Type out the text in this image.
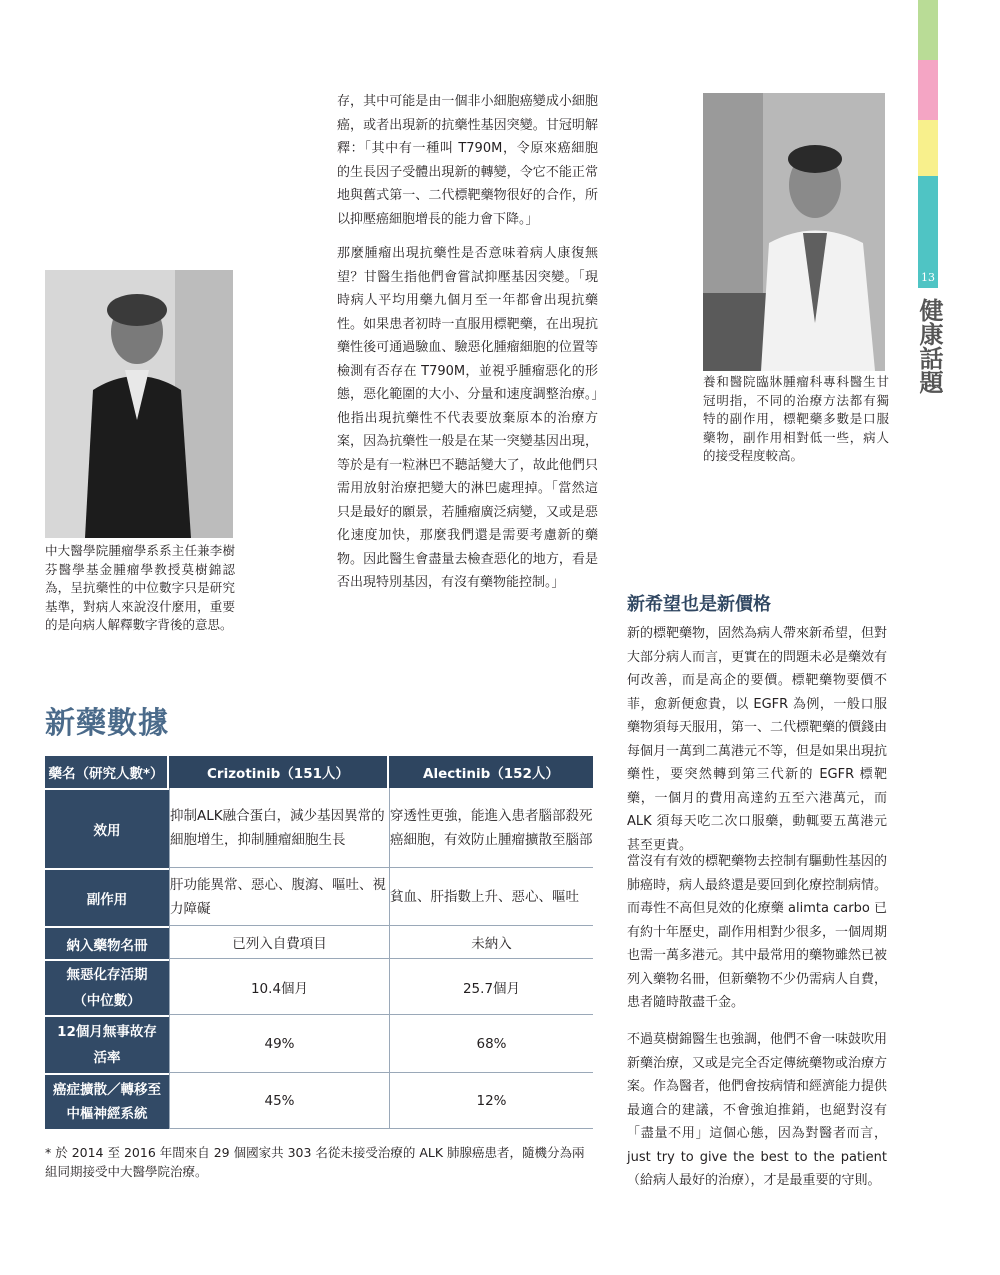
13
健康話題
存，其中可能是由一個非小細胞癌變成小細胞癌，或者出現新的抗藥性基因突變。甘冠明解釋：「其中有一種叫 T790M，令原來癌細胞的生長因子受體出現新的轉變，令它不能正常地與舊式第一、二代標靶藥物很好的合作，所以抑壓癌細胞增長的能力會下降。」
那麼腫瘤出現抗藥性是否意味着病人康復無望？甘醫生指他們會嘗試抑壓基因突變。「現時病人平均用藥九個月至一年都會出現抗藥性。如果患者初時一直服用標靶藥，在出現抗藥性後可通過驗血、驗惡化腫瘤細胞的位置等檢測有否存在 T790M，並視乎腫瘤惡化的形態，惡化範圍的大小、分量和速度調整治療。」他指出現抗藥性不代表要放棄原本的治療方案，因為抗藥性一般是在某一突變基因出現，等於是有一粒淋巴不聽話變大了，故此他們只需用放射治療把變大的淋巴處理掉。「當然這只是最好的願景，若腫瘤廣泛病變，又或是惡化速度加快，那麼我們還是需要考慮新的藥物。因此醫生會盡量去檢查惡化的地方，看是否出現特別基因，有沒有藥物能控制。」
中大醫學院腫瘤學系系主任兼李樹芬醫學基金腫瘤學教授莫樹錦認為，呈抗藥性的中位數字只是研究基準，對病人來說沒什麼用，重要的是向病人解釋數字背後的意思。
養和醫院臨牀腫瘤科專科醫生甘冠明指，不同的治療方法都有獨特的副作用，標靶藥多數是口服藥物，副作用相對低一些，病人的接受程度較高。
新希望也是新價格
新的標靶藥物，固然為病人帶來新希望，但對大部分病人而言，更實在的問題未必是藥效有何改善，而是高企的要價。標靶藥物要價不菲，愈新便愈貴，以 EGFR 為例，一般口服藥物須每天服用，第一、二代標靶藥的價錢由每個月一萬到二萬港元不等，但是如果出現抗藥性，要突然轉到第三代新的 EGFR 標靶藥，一個月的費用高達約五至六港萬元，而 ALK 須每天吃二次口服藥，動輒要五萬港元甚至更貴。
當沒有有效的標靶藥物去控制有驅動性基因的肺癌時，病人最終還是要回到化療控制病情。而毒性不高但見效的化療藥 alimta carbo 已有約十年歷史，副作用相對少很多，一個周期也需一萬多港元。其中最常用的藥物雖然已被列入藥物名冊，但新藥物不少仍需病人自費，患者隨時散盡千金。
不過莫樹錦醫生也強調，他們不會一味鼓吹用新藥治療，又或是完全否定傳統藥物或治療方案。作為醫者，他們會按病情和經濟能力提供最適合的建議，不會強迫推銷，也絕對沒有「盡量不用」這個心態，因為對醫者而言，just try to give the best to the patient（給病人最好的治療），才是最重要的守則。
新藥數據
藥名（研究人數*）	Crizotinib（151人）	Alectinib（152人）
效用	抑制ALK融合蛋白，減少基因異常的細胞增生，抑制腫瘤細胞生長	穿透性更強，能進入患者腦部殺死癌細胞，有效防止腫瘤擴散至腦部
副作用	肝功能異常、惡心、腹瀉、嘔吐、視力障礙	貧血、肝指數上升、惡心、嘔吐
納入藥物名冊	已列入自費項目	未納入
無惡化存活期（中位數）	10.4個月	25.7個月
12個月無事故存活率	49%	68%
癌症擴散／轉移至中樞神經系統	45%	12%
* 於 2014 至 2016 年間來自 29 個國家共 303 名從未接受治療的 ALK 肺腺癌患者，隨機分為兩組同期接受中大醫學院治療。
